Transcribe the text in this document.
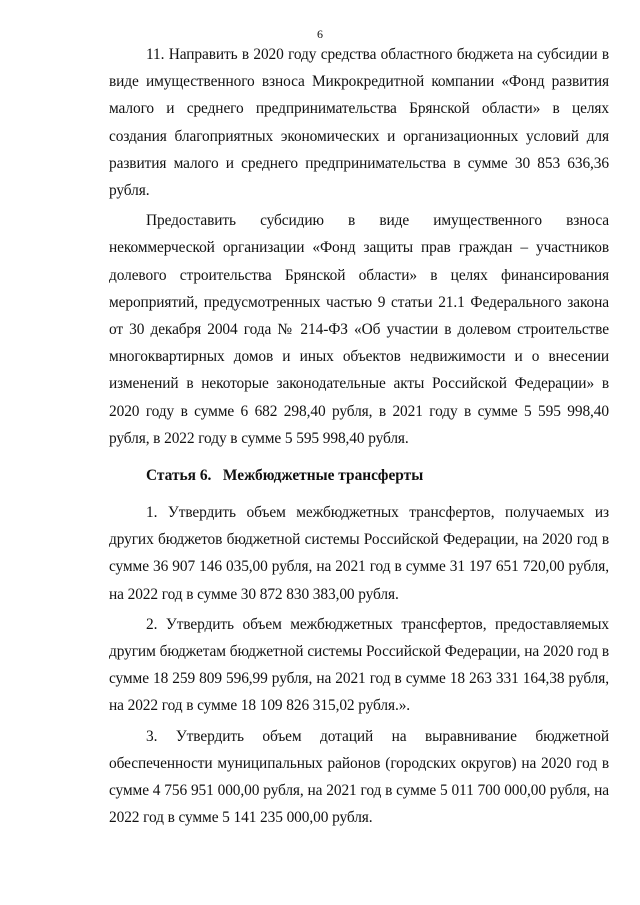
6

11. Направить в 2020 году средства областного бюджета на субсидии в виде имущественного взноса Микрокредитной компании «Фонд развития малого и среднего предпринимательства Брянской области» в целях создания благоприятных экономических и организационных условий для развития малого и среднего предпринимательства в сумме 30 853 636,36 рубля.

Предоставить субсидию в виде имущественного взноса некоммерческой организации «Фонд защиты прав граждан – участников долевого строительства Брянской области» в целях финансирования мероприятий, предусмотренных частью 9 статьи 21.1 Федерального закона от 30 декабря 2004 года № 214-ФЗ «Об участии в долевом строительстве многоквартирных домов и иных объектов недвижимости и о внесении изменений в некоторые законодательные акты Российской Федерации» в 2020 году в сумме 6 682 298,40 рубля, в 2021 году в сумме 5 595 998,40 рубля, в 2022 году в сумме 5 595 998,40 рубля.

Статья 6. Межбюджетные трансферты

1. Утвердить объем межбюджетных трансфертов, получаемых из других бюджетов бюджетной системы Российской Федерации, на 2020 год в сумме 36 907 146 035,00 рубля, на 2021 год в сумме 31 197 651 720,00 рубля, на 2022 год в сумме 30 872 830 383,00 рубля.

2. Утвердить объем межбюджетных трансфертов, предоставляемых другим бюджетам бюджетной системы Российской Федерации, на 2020 год в сумме 18 259 809 596,99 рубля, на 2021 год в сумме 18 263 331 164,38 рубля, на 2022 год в сумме 18 109 826 315,02 рубля.».

3. Утвердить объем дотаций на выравнивание бюджетной обеспеченности муниципальных районов (городских округов) на 2020 год в сумме 4 756 951 000,00 рубля, на 2021 год в сумме 5 011 700 000,00 рубля, на 2022 год в сумме 5 141 235 000,00 рубля.
